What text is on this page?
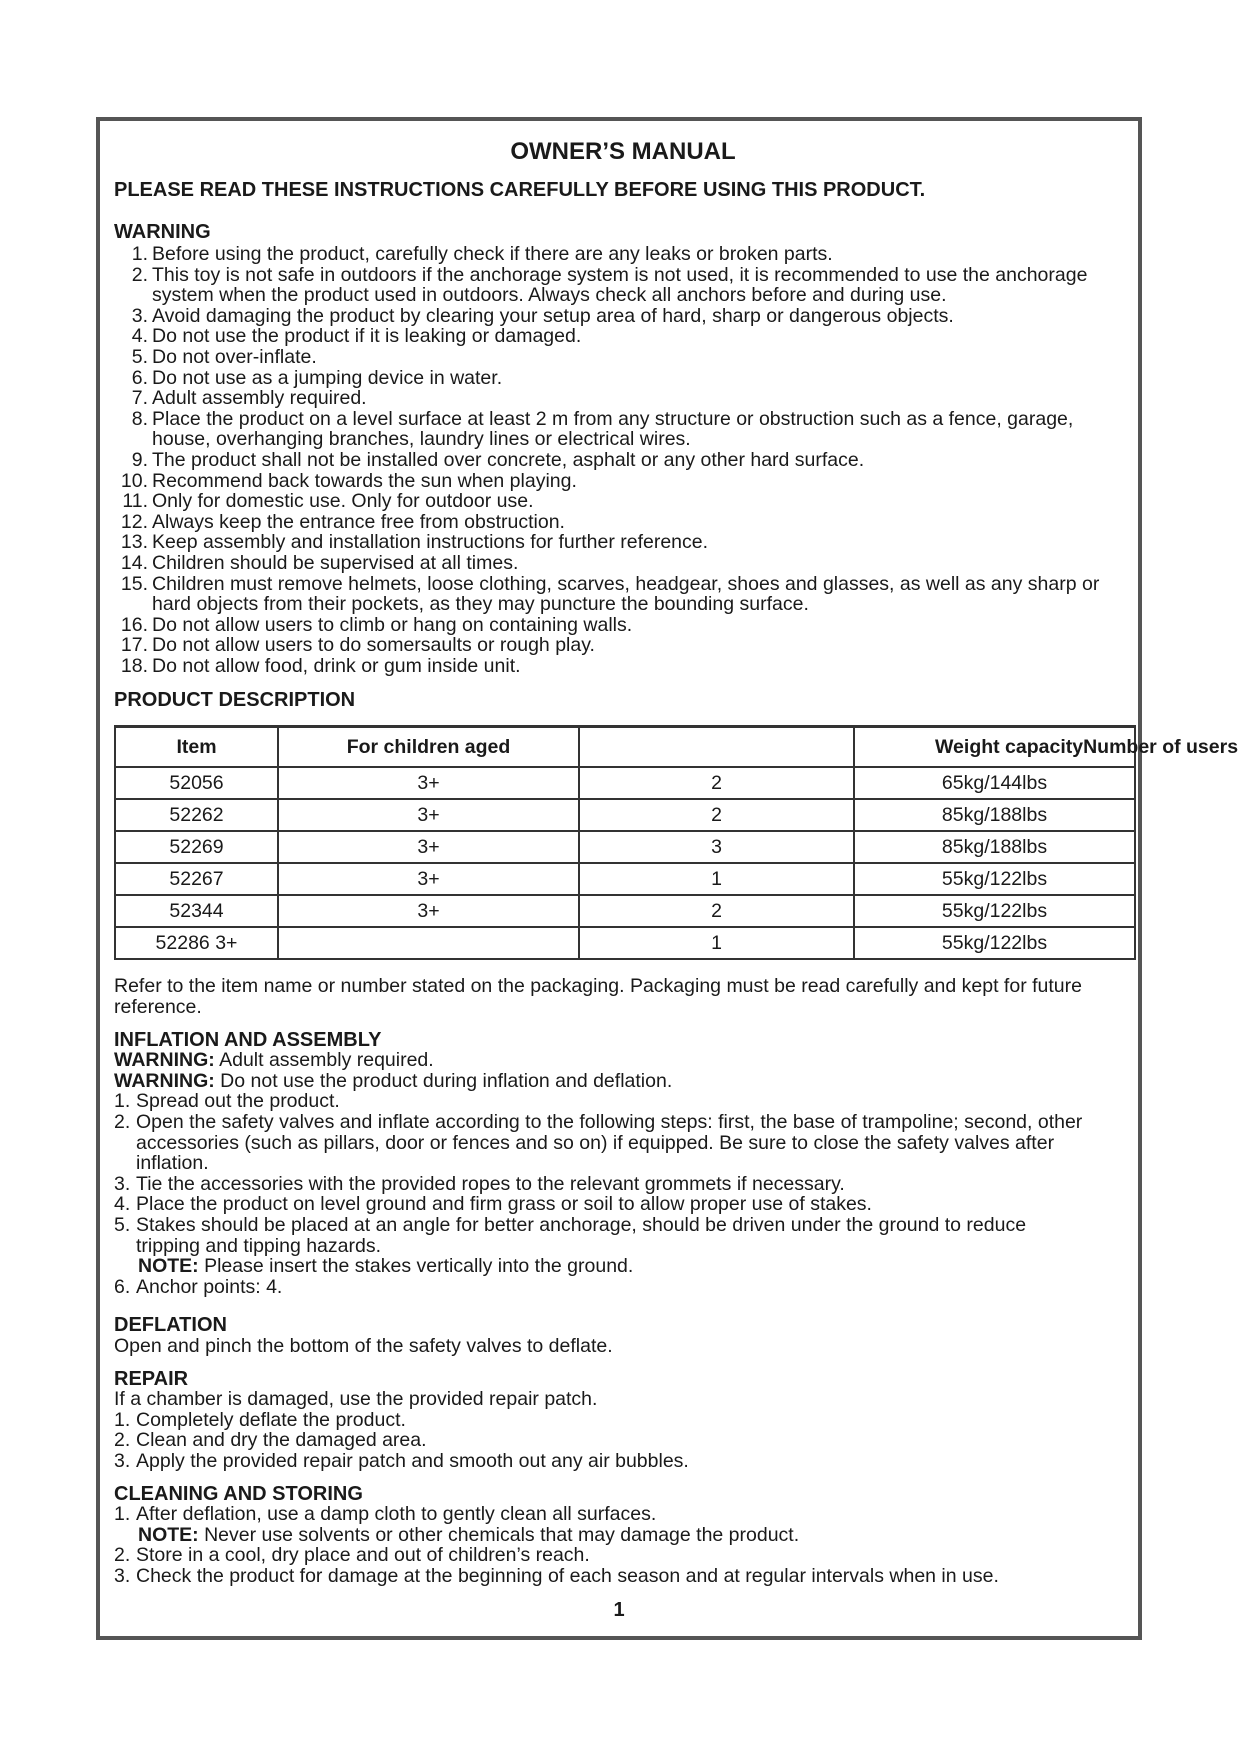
OWNER’S MANUAL
PLEASE READ THESE INSTRUCTIONS CAREFULLY BEFORE USING THIS PRODUCT.
WARNING
1. Before using the product, carefully check if there are any leaks or broken parts.
2. This toy is not safe in outdoors if the anchorage system is not used, it is recommended to use the anchorage system when the product used in outdoors. Always check all anchors before and during use.
3. Avoid damaging the product by clearing your setup area of hard, sharp or dangerous objects.
4. Do not use the product if it is leaking or damaged.
5. Do not over-inflate.
6. Do not use as a jumping device in water.
7. Adult assembly required.
8. Place the product on a level surface at least 2 m from any structure or obstruction such as a fence, garage, house, overhanging branches, laundry lines or electrical wires.
9. The product shall not be installed over concrete, asphalt or any other hard surface.
10. Recommend back towards the sun when playing.
11. Only for domestic use. Only for outdoor use.
12. Always keep the entrance free from obstruction.
13. Keep assembly and installation instructions for further reference.
14. Children should be supervised at all times.
15. Children must remove helmets, loose clothing, scarves, headgear, shoes and glasses, as well as any sharp or hard objects from their pockets, as they may puncture the bounding surface.
16. Do not allow users to climb or hang on containing walls.
17. Do not allow users to do somersaults or rough play.
18. Do not allow food, drink or gum inside unit.
PRODUCT DESCRIPTION
Item	For children aged		Weight capacityNumber of users
52056	3+	2	65kg/144lbs
52262	3+	2	85kg/188lbs
52269	3+	3	85kg/188lbs
52267	3+	1	55kg/122lbs
52344	3+	2	55kg/122lbs
52286 3+		1	55kg/122lbs
Refer to the item name or number stated on the packaging. Packaging must be read carefully and kept for future reference.
INFLATION AND ASSEMBLY
WARNING: Adult assembly required.
WARNING: Do not use the product during inflation and deflation.
1. Spread out the product.
2. Open the safety valves and inflate according to the following steps: first, the base of trampoline; second, other accessories (such as pillars, door or fences and so on) if equipped. Be sure to close the safety valves after inflation.
3. Tie the accessories with the provided ropes to the relevant grommets if necessary.
4. Place the product on level ground and firm grass or soil to allow proper use of stakes.
5. Stakes should be placed at an angle for better anchorage, should be driven under the ground to reduce tripping and tipping hazards.
NOTE: Please insert the stakes vertically into the ground.
6. Anchor points: 4.
DEFLATION
Open and pinch the bottom of the safety valves to deflate.
REPAIR
If a chamber is damaged, use the provided repair patch.
1. Completely deflate the product.
2. Clean and dry the damaged area.
3. Apply the provided repair patch and smooth out any air bubbles.
CLEANING AND STORING
1. After deflation, use a damp cloth to gently clean all surfaces.
NOTE: Never use solvents or other chemicals that may damage the product.
2. Store in a cool, dry place and out of children’s reach.
3. Check the product for damage at the beginning of each season and at regular intervals when in use.
1
